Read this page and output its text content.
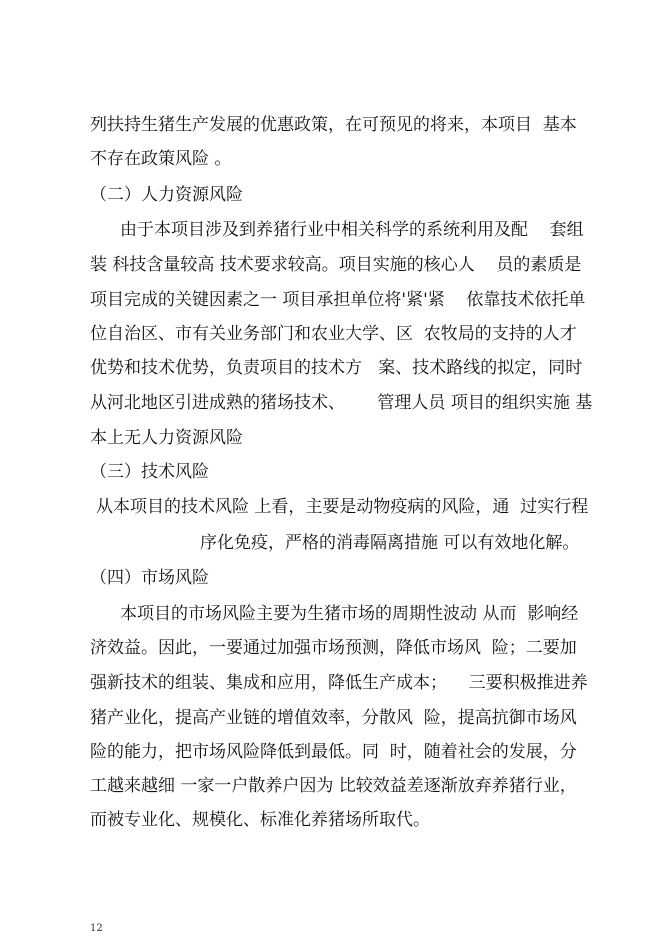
列扶持生猪生产发展的优惠政策，在可预见的将来，本项目  基本
不存在政策风险 。
（二）人力资源风险
由于本项目涉及到养猪行业中相关科学的系统利用及配    套组
装 科技含量较高 技术要求较高。项目实施的核心人    员的素质是
项目完成的关键因素之一 项目承担单位将'紧'紧    依靠技术依托单
位自治区、市有关业务部门和农业大学、区  农牧局的支持的人才
优势和技术优势，负责项目的技术方   案、技术路线的拟定，同时
从河北地区引进成熟的猪场技术、      管理人员 项目的组织实施 基
本上无人力资源风险
（三）技术风险
从本项目的技术风险 上看，主要是动物疫病的风险，通  过实行程
序化免疫，严格的消毒隔离措施 可以有效地化解。
（四）市场风险
本项目的市场风险主要为生猪市场的周期性波动 从而  影响经
济效益。因此，一要通过加强市场预测，降低市场风  险；二要加
强新技术的组装、集成和应用，降低生产成本；    三要积极推进养
猪产业化，提高产业链的增值效率，分散风  险，提高抗御市场风
险的能力，把市场风险降低到最低。同  时，随着社会的发展，分
工越来越细 一家一户散养户因为 比较效益差逐渐放弃养猪行业，
而被专业化、规模化、标准化养猪场所取代。
12
